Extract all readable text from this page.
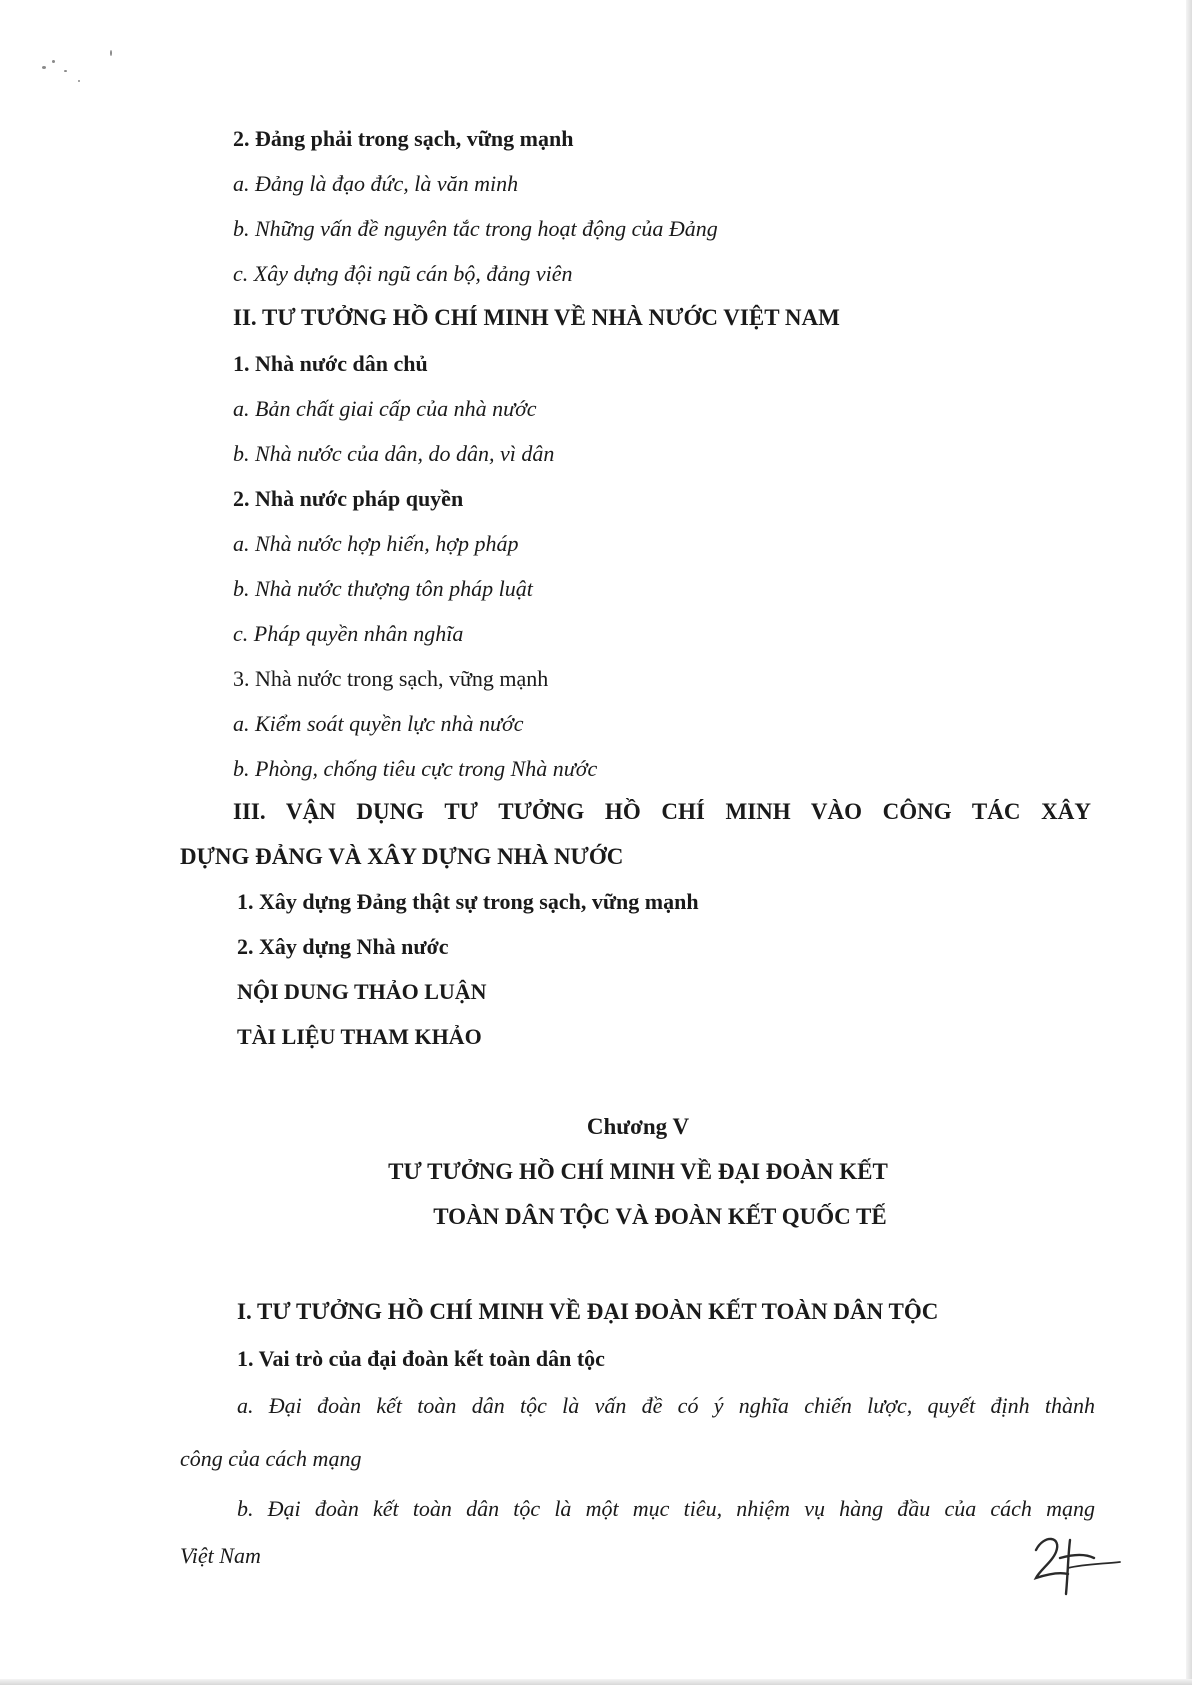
2. Đảng phải trong sạch, vững mạnh
a. Đảng là đạo đức, là văn minh
b. Những vấn đề nguyên tắc trong hoạt động của Đảng
c. Xây dựng đội ngũ cán bộ, đảng viên
II. TƯ TƯỞNG HỒ CHÍ MINH VỀ NHÀ NƯỚC VIỆT NAM
1. Nhà nước dân chủ
a. Bản chất giai cấp của nhà nước
b. Nhà nước của dân, do dân, vì dân
2. Nhà nước pháp quyền
a. Nhà nước hợp hiến, hợp pháp
b. Nhà nước thượng tôn pháp luật
c. Pháp quyền nhân nghĩa
3. Nhà nước trong sạch, vững mạnh
a. Kiểm soát quyền lực nhà nước
b. Phòng, chống tiêu cực trong Nhà nước
III. VẬN DỤNG TƯ TƯỞNG HỒ CHÍ MINH VÀO CÔNG TÁC XÂY
DỰNG ĐẢNG VÀ XÂY DỰNG NHÀ NƯỚC
1. Xây dựng Đảng thật sự trong sạch, vững mạnh
2. Xây dựng Nhà nước
NỘI DUNG THẢO LUẬN
TÀI LIỆU THAM KHẢO
Chương V
TƯ TƯỞNG HỒ CHÍ MINH VỀ ĐẠI ĐOÀN KẾT
TOÀN DÂN TỘC VÀ ĐOÀN KẾT QUỐC TẾ
I. TƯ TƯỞNG HỒ CHÍ MINH VỀ ĐẠI ĐOÀN KẾT TOÀN DÂN TỘC
1. Vai trò của đại đoàn kết toàn dân tộc
a. Đại đoàn kết toàn dân tộc là vấn đề có ý nghĩa chiến lược, quyết định thành
công của cách mạng
b. Đại đoàn kết toàn dân tộc là một mục tiêu, nhiệm vụ hàng đầu của cách mạng
Việt Nam
